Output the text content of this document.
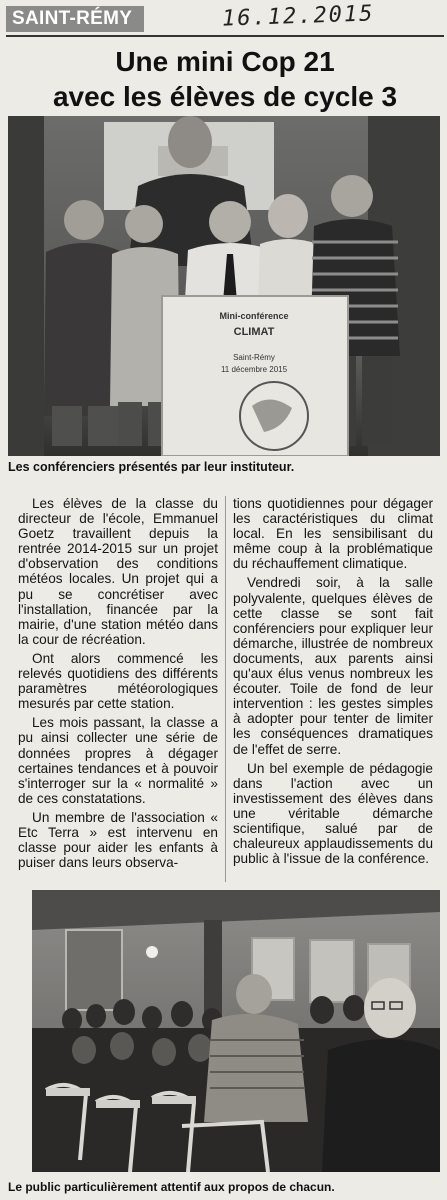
SAINT-RÉMY	16.12.2015
Une mini Cop 21
avec les élèves de cycle 3
Mini-conférence
CLIMAT
Saint-Rémy
11 décembre 2015
Les conférenciers présentés par leur instituteur.

Les élèves de la classe du directeur de l'école, Emmanuel Goetz travaillent depuis la rentrée 2014-2015 sur un projet d'observation des conditions météos locales. Un projet qui a pu se concrétiser avec l'installation, financée par la mairie, d'une station météo dans la cour de récréation.

Ont alors commencé les relevés quotidiens des différents paramètres météorologiques mesurés par cette station.

Les mois passant, la classe a pu ainsi collecter une série de données propres à dégager certaines tendances et à pouvoir s'interroger sur la « normalité » de ces constatations.

Un membre de l'association « Etc Terra » est intervenu en classe pour aider les enfants à puiser dans leurs observa-

tions quotidiennes pour dégager les caractéristiques du climat local. En les sensibilisant du même coup à la problématique du réchauffement climatique.

Vendredi soir, à la salle polyvalente, quelques élèves de cette classe se sont fait conférenciers pour expliquer leur démarche, illustrée de nombreux documents, aux parents ainsi qu'aux élus venus nombreux les écouter. Toile de fond de leur intervention : les gestes simples à adopter pour tenter de limiter les conséquences dramatiques de l'effet de serre.

Un bel exemple de pédagogie dans l'action avec un investissement des élèves dans une véritable démarche scientifique, salué par de chaleureux applaudissements du public à l'issue de la conférence.

Le public particulièrement attentif aux propos de chacun.
